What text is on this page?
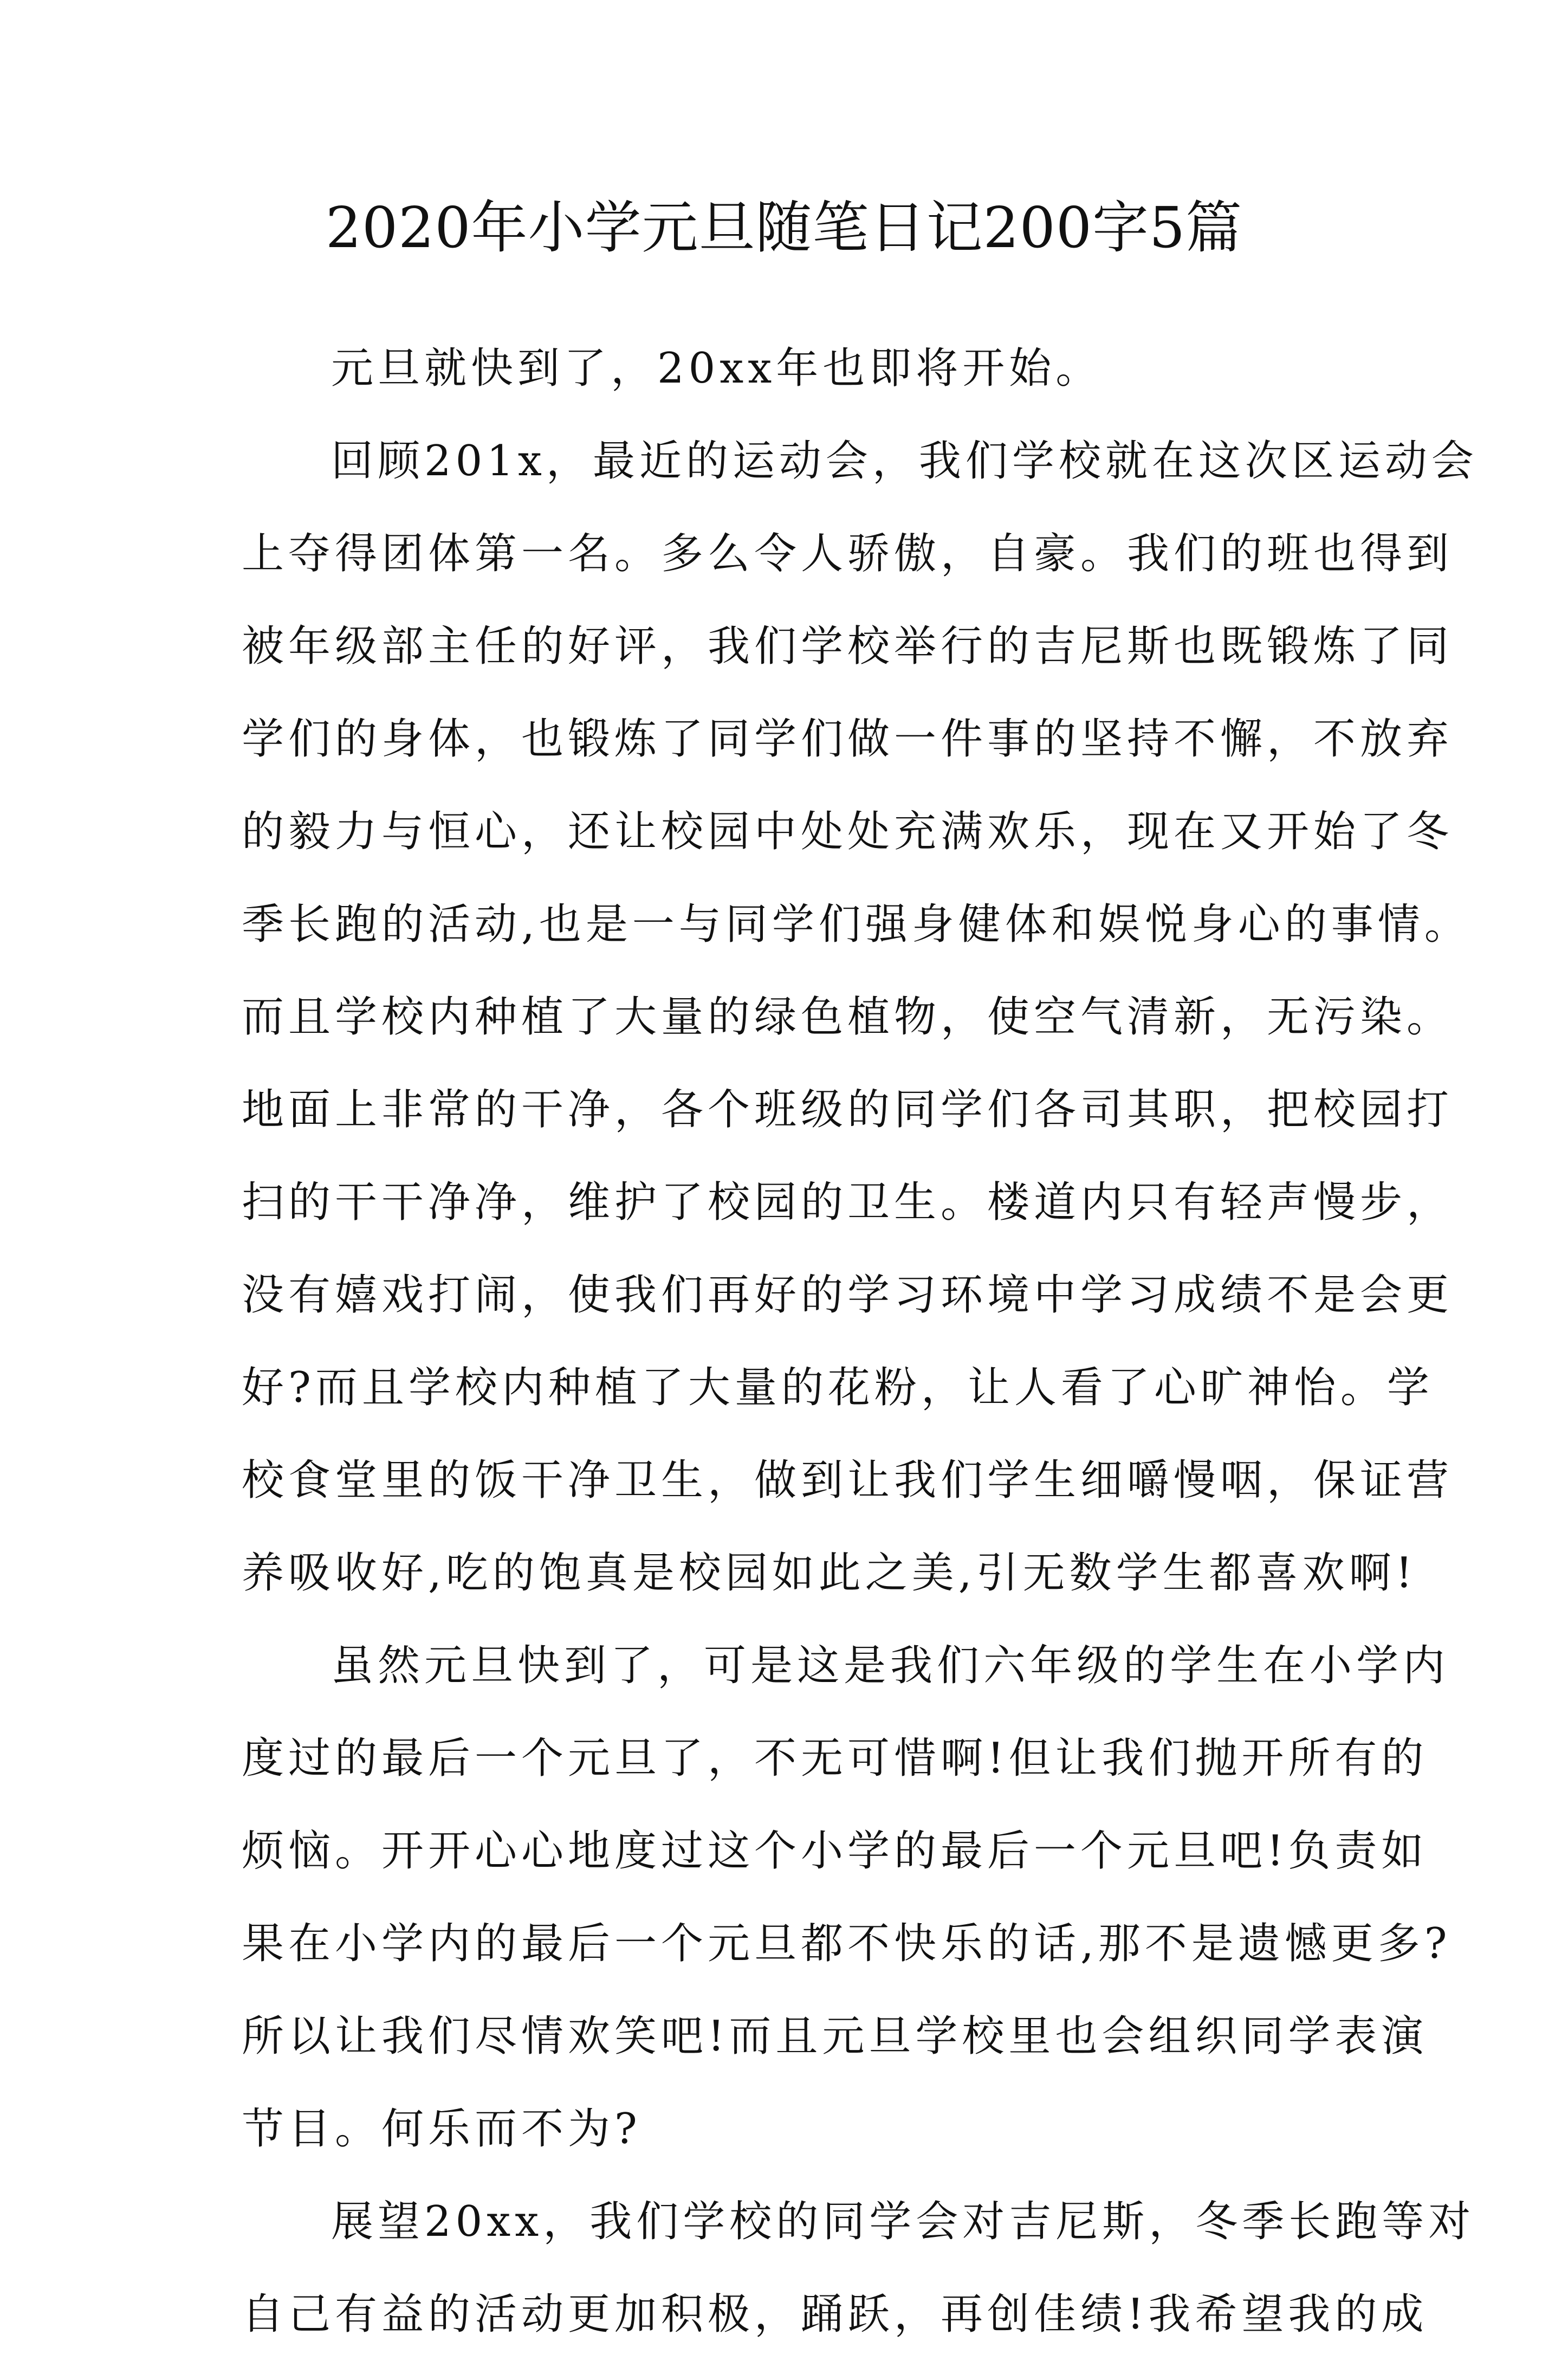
2020年小学元旦随笔日记200字5篇
元旦就快到了，20xx年也即将开始。
回顾201x，最近的运动会，我们学校就在这次区运动会
上夺得团体第一名。多么令人骄傲，自豪。我们的班也得到
被年级部主任的好评，我们学校举行的吉尼斯也既锻炼了同
学们的身体，也锻炼了同学们做一件事的坚持不懈，不放弃
的毅力与恒心，还让校园中处处充满欢乐，现在又开始了冬
季长跑的活动,也是一与同学们强身健体和娱悦身心的事情。
而且学校内种植了大量的绿色植物，使空气清新，无污染。
地面上非常的干净，各个班级的同学们各司其职，把校园打
扫的干干净净，维护了校园的卫生。楼道内只有轻声慢步，
没有嬉戏打闹，使我们再好的学习环境中学习成绩不是会更
好?而且学校内种植了大量的花粉，让人看了心旷神怡。学
校食堂里的饭干净卫生，做到让我们学生细嚼慢咽，保证营
养吸收好,吃的饱真是校园如此之美,引无数学生都喜欢啊!
虽然元旦快到了，可是这是我们六年级的学生在小学内
度过的最后一个元旦了，不无可惜啊!但让我们抛开所有的
烦恼。开开心心地度过这个小学的最后一个元旦吧!负责如
果在小学内的最后一个元旦都不快乐的话,那不是遗憾更多?
所以让我们尽情欢笑吧!而且元旦学校里也会组织同学表演
节目。何乐而不为?
展望20xx，我们学校的同学会对吉尼斯，冬季长跑等对
自己有益的活动更加积极，踊跃，再创佳绩!我希望我的成
